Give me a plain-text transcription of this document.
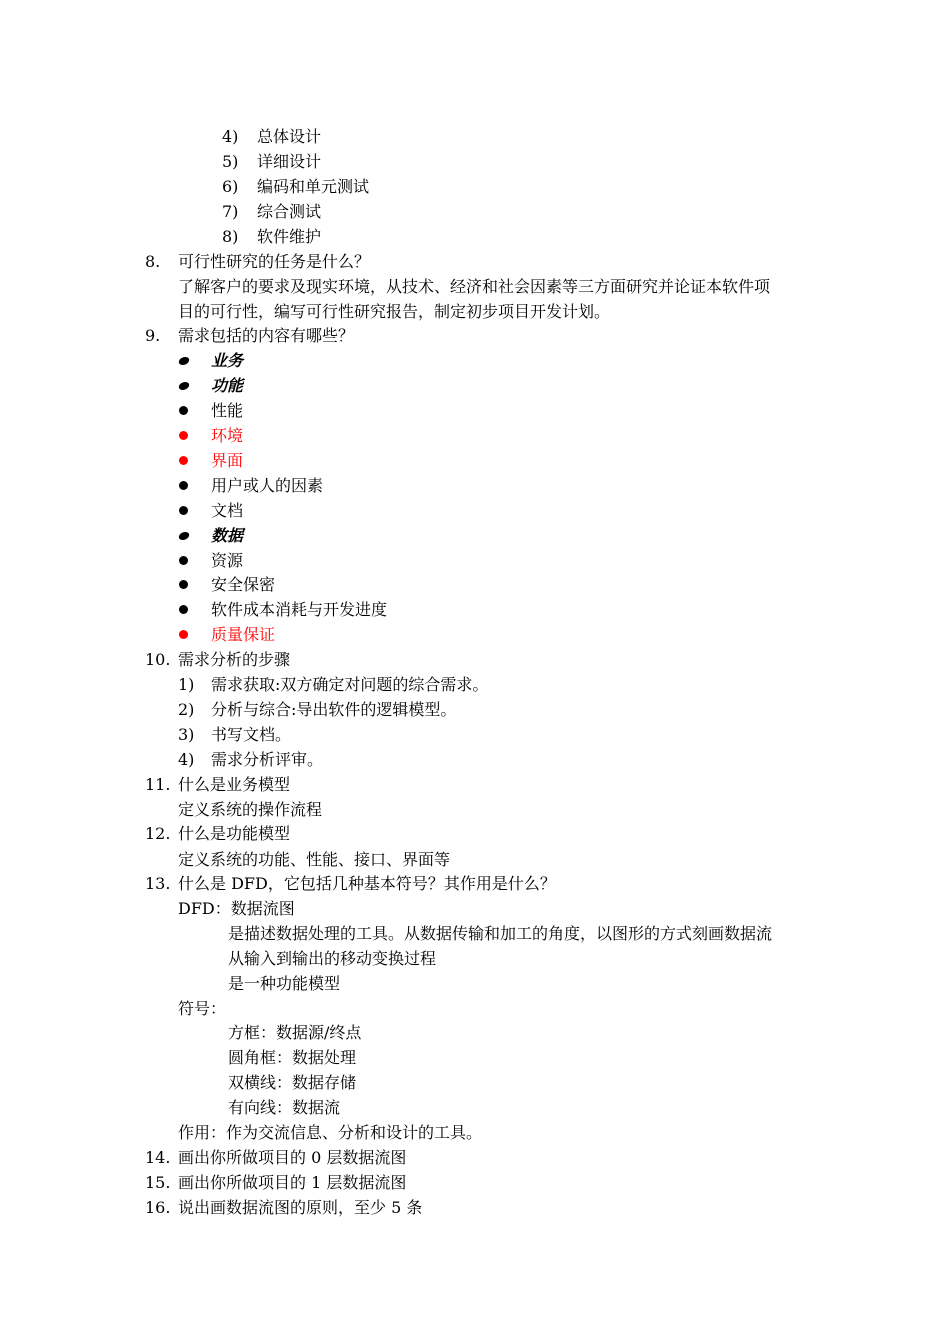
4) 总体设计
5) 详细设计
6) 编码和单元测试
7) 综合测试
8) 软件维护
8. 可行性研究的任务是什么？
了解客户的要求及现实环境，从技术、经济和社会因素等三方面研究并论证本软件项
目的可行性，编写可行性研究报告，制定初步项目开发计划。
9. 需求包括的内容有哪些？
业务
功能
性能
环境
界面
用户或人的因素
文档
数据
资源
安全保密
软件成本消耗与开发进度
质量保证
10. 需求分析的步骤
1) 需求获取:双方确定对问题的综合需求。
2) 分析与综合:导出软件的逻辑模型。
3) 书写文档。
4) 需求分析评审。
11. 什么是业务模型
定义系统的操作流程
12. 什么是功能模型
定义系统的功能、性能、接口、界面等
13. 什么是 DFD，它包括几种基本符号？其作用是什么？
DFD：数据流图
是描述数据处理的工具。从数据传输和加工的角度，以图形的方式刻画数据流
从输入到输出的移动变换过程
是一种功能模型
符号：
方框：数据源/终点
圆角框：数据处理
双横线：数据存储
有向线：数据流
作用：作为交流信息、分析和设计的工具。
14. 画出你所做项目的 0 层数据流图
15. 画出你所做项目的 1 层数据流图
16. 说出画数据流图的原则，至少 5 条
